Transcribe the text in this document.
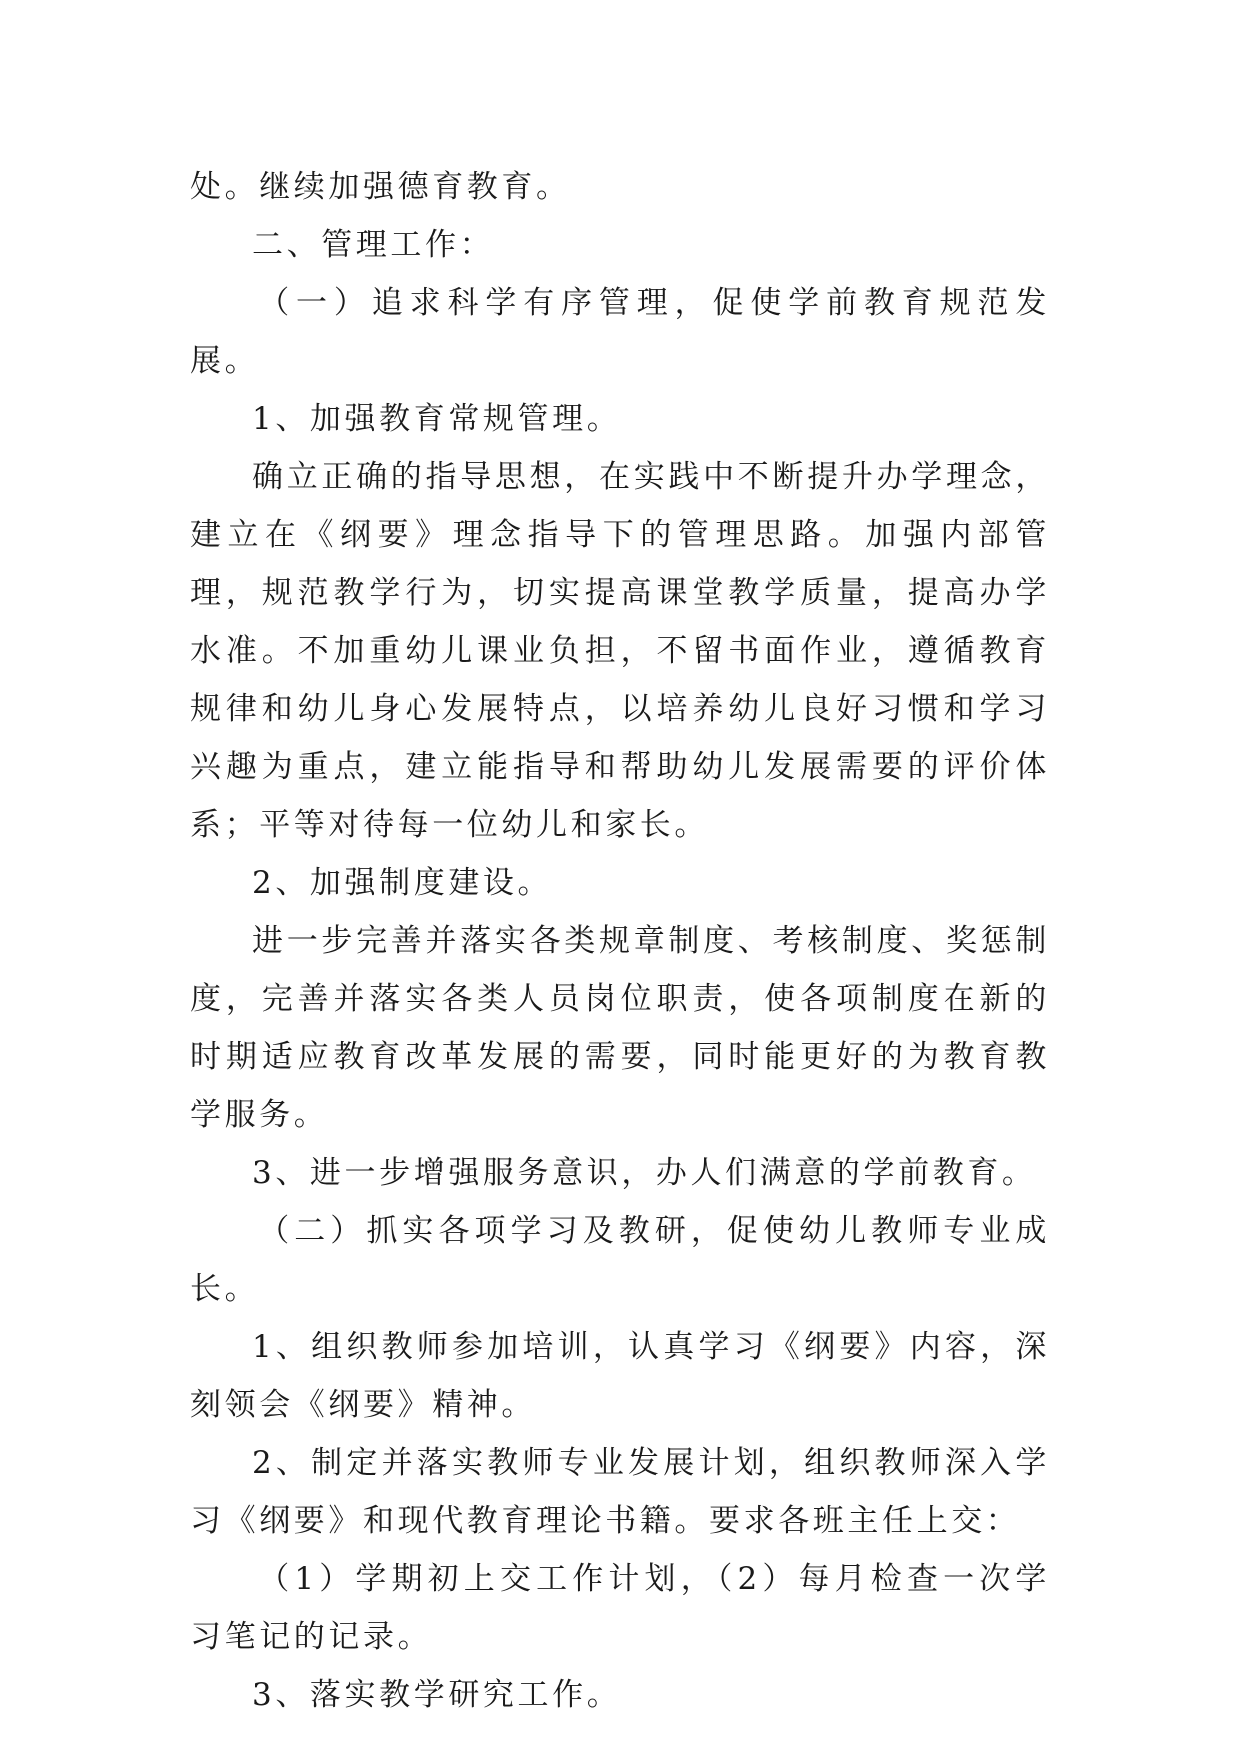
处。继续加强德育教育。

二、管理工作：

（一）追求科学有序管理，促使学前教育规范发展。

1、加强教育常规管理。

确立正确的指导思想，在实践中不断提升办学理念，建立在《纲要》理念指导下的管理思路。加强内部管理，规范教学行为，切实提高课堂教学质量，提高办学水准。不加重幼儿课业负担，不留书面作业，遵循教育规律和幼儿身心发展特点，以培养幼儿良好习惯和学习兴趣为重点，建立能指导和帮助幼儿发展需要的评价体系；平等对待每一位幼儿和家长。

2、加强制度建设。

进一步完善并落实各类规章制度、考核制度、奖惩制度，完善并落实各类人员岗位职责，使各项制度在新的时期适应教育改革发展的需要，同时能更好的为教育教学服务。

3、进一步增强服务意识，办人们满意的学前教育。

（二）抓实各项学习及教研，促使幼儿教师专业成长。

1、组织教师参加培训，认真学习《纲要》内容，深刻领会《纲要》精神。

2、制定并落实教师专业发展计划，组织教师深入学习《纲要》和现代教育理论书籍。要求各班主任上交：

（1）学期初上交工作计划，（2）每月检查一次学习笔记的记录。

3、落实教学研究工作。
